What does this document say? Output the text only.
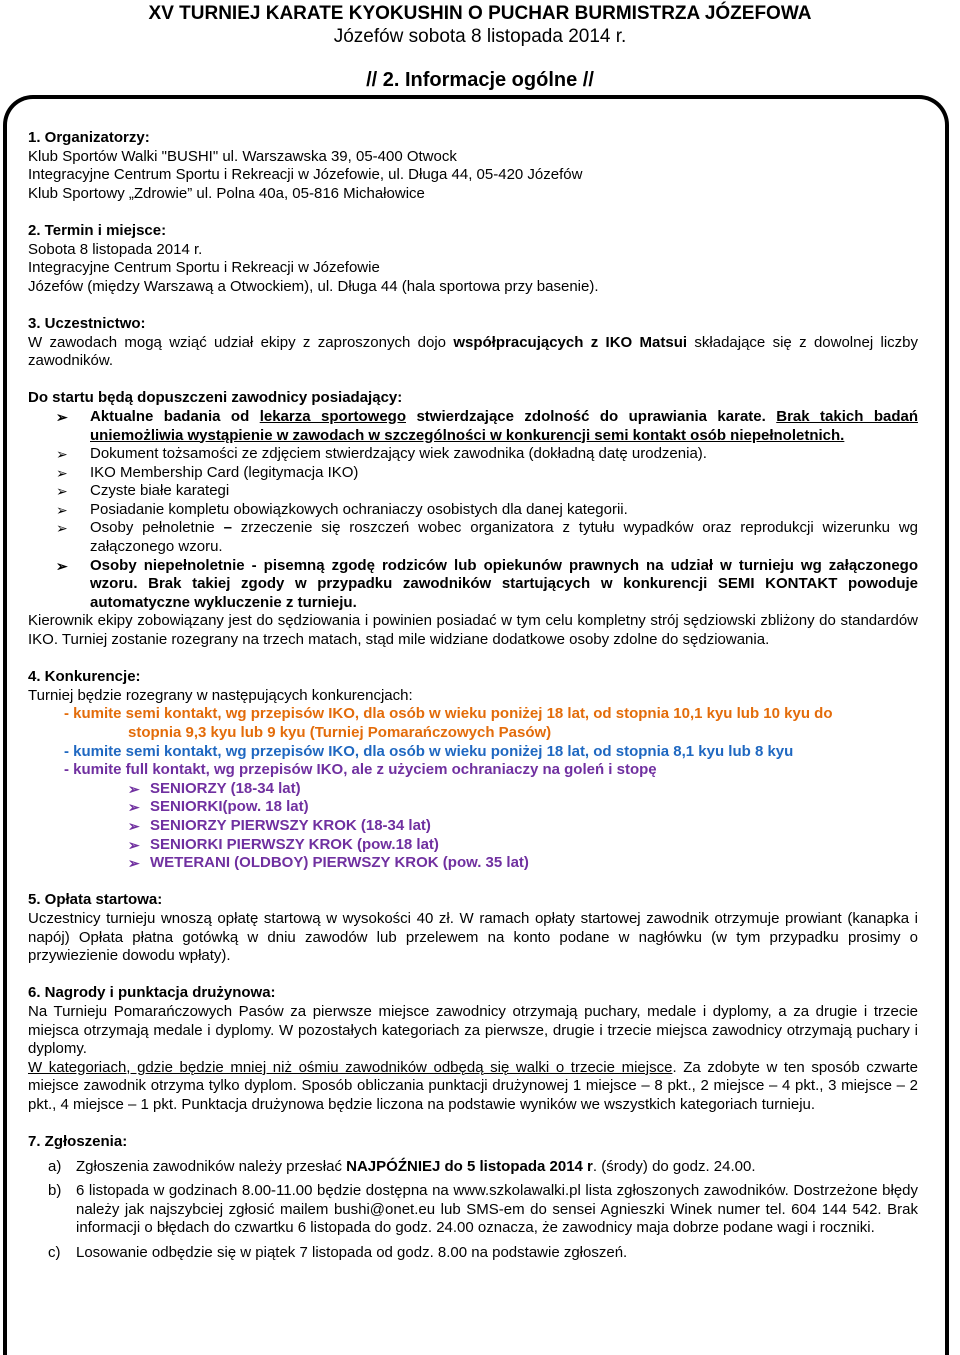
XV TURNIEJ KARATE KYOKUSHIN O PUCHAR BURMISTRZA JÓZEFOWA
Józefów sobota 8 listopada 2014 r.
// 2. Informacje ogólne //
1. Organizatorzy:
Klub Sportów Walki "BUSHI" ul. Warszawska 39, 05-400 Otwock
Integracyjne Centrum Sportu i Rekreacji w Józefowie, ul. Długa 44, 05-420 Józefów
Klub Sportowy „Zdrowie” ul. Polna 40a, 05-816 Michałowice
2. Termin i miejsce:
Sobota 8 listopada 2014 r.
Integracyjne Centrum Sportu i Rekreacji w Józefowie
Józefów (między Warszawą a Otwockiem), ul. Długa 44 (hala sportowa przy basenie).
3. Uczestnictwo:
W zawodach mogą wziąć udział ekipy z zaproszonych dojo współpracujących z IKO Matsui składające się z dowolnej liczby zawodników.
Do startu będą dopuszczeni zawodnicy posiadający:
➢ Aktualne badania od lekarza sportowego stwierdzające zdolność do uprawiania karate. Brak takich badań uniemożliwia wystąpienie w zawodach w szczególności w konkurencji semi kontakt osób niepełnoletnich.
➢ Dokument tożsamości ze zdjęciem stwierdzający wiek zawodnika (dokładną datę urodzenia).
➢ IKO Membership Card (legitymacja IKO)
➢ Czyste białe karategi
➢ Posiadanie kompletu obowiązkowych ochraniaczy osobistych dla danej kategorii.
➢ Osoby pełnoletnie – zrzeczenie się roszczeń wobec organizatora z tytułu wypadków oraz reprodukcji wizerunku wg załączonego wzoru.
➢ Osoby niepełnoletnie - pisemną zgodę rodziców lub opiekunów prawnych na udział w turnieju wg załączonego wzoru. Brak takiej zgody w przypadku zawodników startujących w konkurencji SEMI KONTAKT powoduje automatyczne wykluczenie z turnieju.
Kierownik ekipy zobowiązany jest do sędziowania i powinien posiadać w tym celu kompletny strój sędziowski zbliżony do standardów IKO. Turniej zostanie rozegrany na trzech matach, stąd mile widziane dodatkowe osoby zdolne do sędziowania.
4. Konkurencje:
Turniej będzie rozegrany w następujących konkurencjach:
- kumite semi kontakt, wg przepisów IKO, dla osób w wieku poniżej 18 lat, od stopnia 10,1 kyu lub 10 kyu do
stopnia 9,3 kyu lub 9 kyu (Turniej Pomarańczowych Pasów)
- kumite semi kontakt, wg przepisów IKO, dla osób w wieku poniżej 18 lat, od stopnia 8,1 kyu lub 8 kyu
- kumite full kontakt, wg przepisów IKO, ale z użyciem ochraniaczy na goleń i stopę
➢ SENIORZY (18-34 lat)
➢ SENIORKI(pow. 18 lat)
➢ SENIORZY PIERWSZY KROK (18-34 lat)
➢ SENIORKI PIERWSZY KROK (pow.18 lat)
➢ WETERANI (OLDBOY) PIERWSZY KROK (pow. 35 lat)
5. Opłata startowa:
Uczestnicy turnieju wnoszą opłatę startową w wysokości 40 zł. W ramach opłaty startowej zawodnik otrzymuje prowiant (kanapka i napój) Opłata płatna gotówką w dniu zawodów lub przelewem na konto podane w nagłówku (w tym przypadku prosimy o przywiezienie dowodu wpłaty).
6. Nagrody i punktacja drużynowa:
Na Turnieju Pomarańczowych Pasów za pierwsze miejsce zawodnicy otrzymają puchary, medale i dyplomy, a za drugie i trzecie miejsca otrzymają medale i dyplomy. W pozostałych kategoriach za pierwsze, drugie i trzecie miejsca zawodnicy otrzymają puchary i dyplomy.
W kategoriach, gdzie będzie mniej niż ośmiu zawodników odbędą się walki o trzecie miejsce. Za zdobyte w ten sposób czwarte miejsce zawodnik otrzyma tylko dyplom. Sposób obliczania punktacji drużynowej 1 miejsce – 8 pkt., 2 miejsce – 4 pkt., 3 miejsce – 2 pkt., 4 miejsce – 1 pkt. Punktacja drużynowa będzie liczona na podstawie wyników we wszystkich kategoriach turnieju.
7. Zgłoszenia:
a) Zgłoszenia zawodników należy przesłać NAJPÓŹNIEJ do 5 listopada 2014 r. (środy) do godz. 24.00.
b) 6 listopada w godzinach 8.00-11.00 będzie dostępna na www.szkolawalki.pl lista zgłoszonych zawodników. Dostrzeżone błędy należy jak najszybciej zgłosić mailem bushi@onet.eu lub SMS-em do sensei Agnieszki Winek numer tel. 604 144 542. Brak informacji o błędach do czwartku 6 listopada do godz. 24.00 oznacza, że zawodnicy maja dobrze podane wagi i roczniki.
c) Losowanie odbędzie się w piątek 7 listopada od godz. 8.00 na podstawie zgłoszeń.
